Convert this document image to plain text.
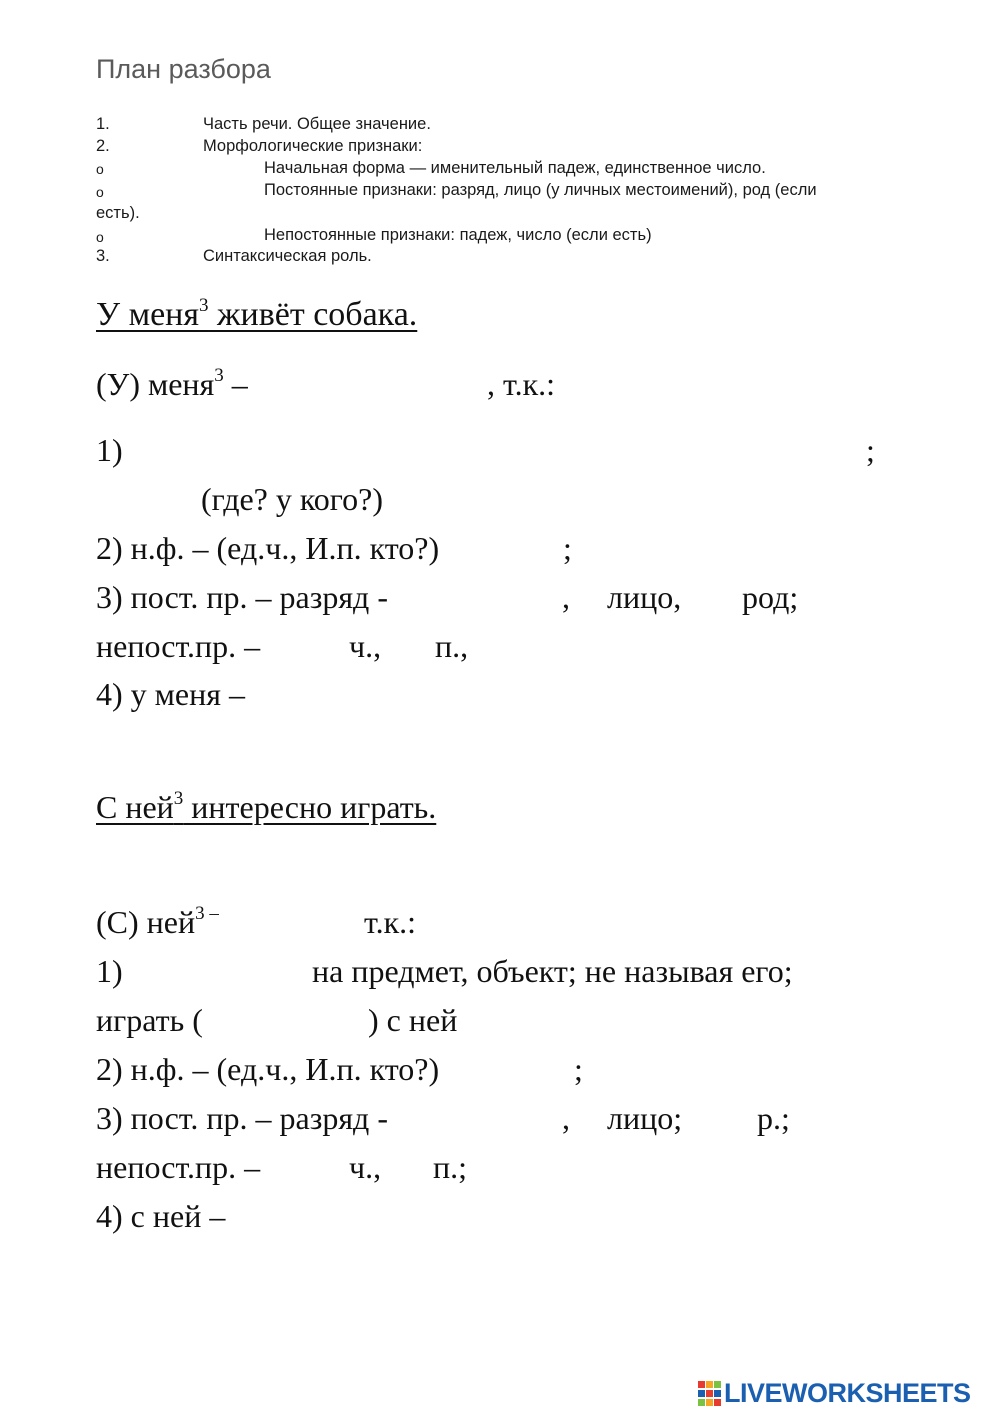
План разбора
1.	Часть речи. Общее значение.
2.	Морфологические признаки:
o	Начальная форма — именительный падеж, единственное число.
o	Постоянные признаки: разряд, лицо (у личных местоимений), род (если
есть).
o	Непостоянные признаки: падеж, число (если есть)
3.	Синтаксическая роль.
У меня$^3$ живёт собака.
(У) меня$^3$ –	, т.к.:
1)	;
(где? у кого?)
2) н.ф. – (ед.ч., И.п. кто?)	;
3) пост. пр. – разряд -	, лицо, род;
непост.пр. –	ч., п.,
4) у меня –
С ней$^3$ интересно играть.
(С) ней$^{3 -}$	т.к.:
1)	на предмет, объект; не называя его;
играть (	) с ней
2) н.ф. – (ед.ч., И.п. кто?)	;
3) пост. пр. – разряд -	, лицо; р.;
непост.пр. –	ч., п.;
4) с ней –
LIVEWORKSHEETS
